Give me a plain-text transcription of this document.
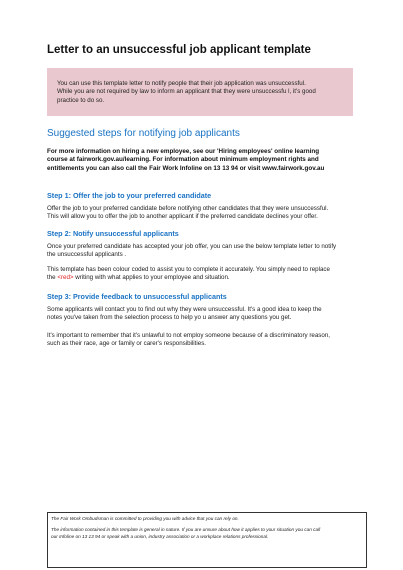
Letter to an unsuccessful job applicant template
You can use this template letter to notify people that their job application was unsuccessful.
While you are not required by law to inform an applicant that they were unsuccessfu l, it's good
practice to do so.
Suggested steps for notifying job applicants
For more information on hiring a new employee, see our 'Hiring employees' online learning
course at fairwork.gov.au/learning. For information about minimum employment rights and
entitlements you can also call the Fair Work Infoline on 13 13 94 or visit www.fairwork.gov.au
Step 1: Offer the job to your preferred candidate
Offer the job to your preferred candidate before notifying other candidates that they were unsuccessful.
This will allow you to offer the job to another applicant if the preferred candidate declines your offer.
Step 2: Notify unsuccessful applicants
Once your preferred candidate has accepted your job offer, you can use the below template letter to notify
the unsuccessful applicants .
This template has been colour coded to assist you to complete it accurately. You simply need to replace
the <red> writing with what applies to your employee and situation.
Step 3: Provide feedback to unsuccessful applicants
Some applicants will contact you to find out why they were unsuccessful. It's a good idea to keep the
notes you've taken from the selection process to help yo u answer any questions you get.
It's important to remember that it's unlawful to not employ someone because of a discriminatory reason,
such as their race, age or family or carer's responsibilities.
The Fair Work Ombudsman is committed to providing you with advice that you can rely on.
The information contained in this template is general in nature. If you are unsure about how it applies to your situation you can call
our Infoline on 13 13 94 or speak with a union, industry association or a workplace relations professional.
